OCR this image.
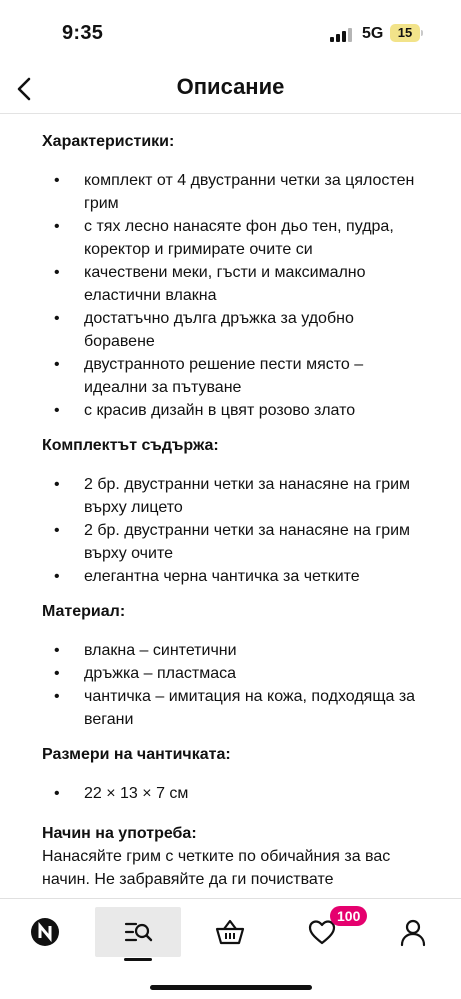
9:35	5G	15
Описание
Характеристики:
• комплект от 4 двустранни четки за цялостен грим
• с тях лесно нанасяте фон дьо тен, пудра, коректор и гримирате очите си
• качествени меки, гъсти и максимално еластични влакна
• достатъчно дълга дръжка за удобно боравене
• двустранното решение пести място – идеални за пътуване
• с красив дизайн в цвят розово злато
Комплектът съдържа:
• 2 бр. двустранни четки за нанасяне на грим върху лицето
• 2 бр. двустранни четки за нанасяне на грим върху очите
• елегантна черна чантичка за четките
Материал:
• влакна – синтетични
• дръжка – пластмаса
• чантичка – имитация на кожа, подходяща за вегани
Размери на чантичката:
• 22 × 13 × 7 см
Начин на употреба:
Нанасяйте грим с четките по обичайния за вас начин. Не забравяйте да ги почиствате
100
